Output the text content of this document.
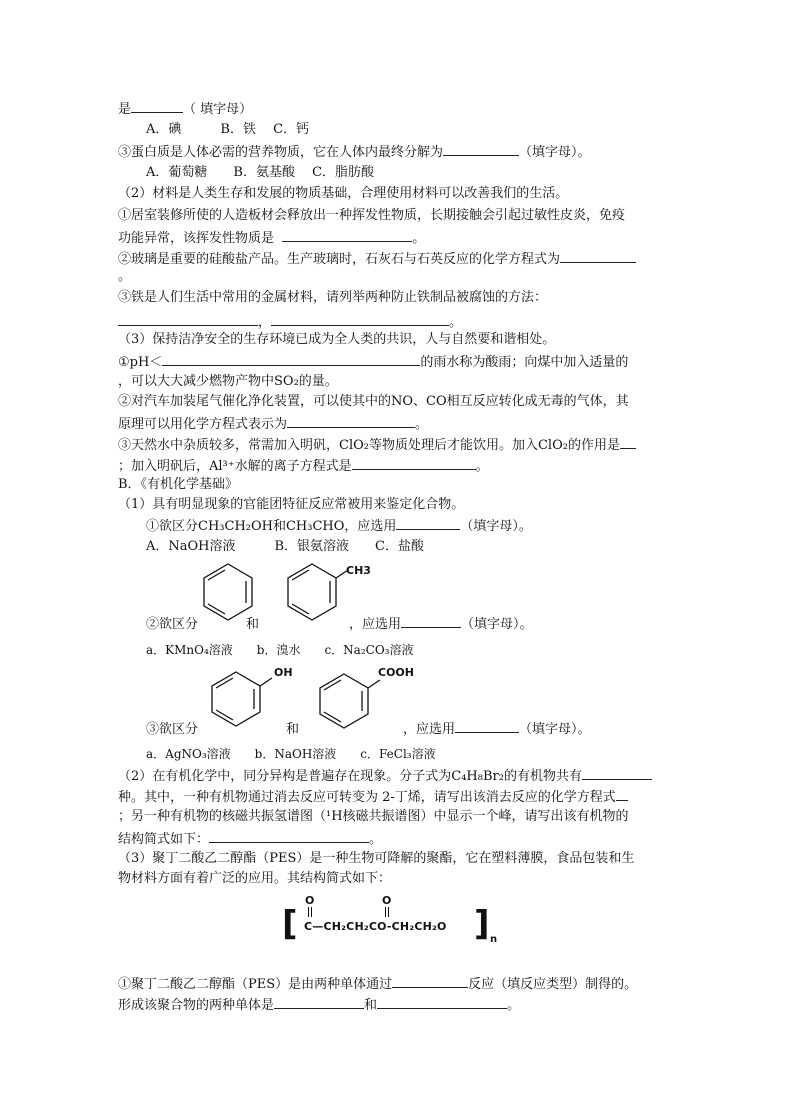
是	（ 填字母）
A．碘　　　B．铁　 C．钙
③蛋白质是人体必需的营养物质，它在人体内最终分解为	（填字母）。
A．葡萄糖　　B．氨基酸　 C．脂肪酸
（2）材料是人类生存和发展的物质基础，合理使用材料可以改善我们的生活。
①居室装修所使的人造板材会释放出一种挥发性物质，长期接触会引起过敏性皮炎，免疫
功能异常，该挥发性物质是	。
②玻璃是重要的硅酸盐产品。生产玻璃时，石灰石与石英反应的化学方程式为
。
③铁是人们生活中常用的金属材料，请列举两种防止铁制品被腐蚀的方法：
，	。
（3）保持洁净安全的生存环境已成为全人类的共识，人与自然要和谐相处。
①pH＜	的雨水称为酸雨；向煤中加入适量的
，可以大大减少燃物产物中SO₂的量。
②对汽车加装尾气催化净化装置，可以使其中的NO、CO相互反应转化成无毒的气体，其
原理可以用化学方程式表示为	。
③天然水中杂质较多，常需加入明矾，ClO₂等物质处理后才能饮用。加入ClO₂的作用是
；加入明矾后，Al³⁺水解的离子方程式是	。
B．《有机化学基础》
（1）具有明显现象的官能团特征反应常被用来鉴定化合物。
①欲区分CH₃CH₂OH和CH₃CHO，应选用	（填字母）。
A．NaOH溶液　　　B．银氨溶液　　C．盐酸
CH3
②欲区分	和	，应选用	（填字母）。
a．KMnO₄溶液　　b．溴水　　c．Na₂CO₃溶液
OH	COOH
③欲区分	和	，应选用	（填字母）。
a．AgNO₃溶液　　b．NaOH溶液　　c．FeCl₃溶液
（2）在有机化学中，同分异构是普遍存在现象。分子式为C₄H₈Br₂的有机物共有
种。其中，一种有机物通过消去反应可转变为 2-丁烯，请写出该消去反应的化学方程式
；另一种有机物的核磁共振氢谱图（¹H核磁共振谱图）中显示一个峰，请写出该有机物的
结构简式如下：	。
（3）聚丁二酸乙二醇酯（PES）是一种生物可降解的聚酯，它在塑料薄膜，食品包装和生
物材料方面有着广泛的应用。其结构简式如下：
[
O	O
C—CH₂CH₂CO-CH₂CH₂O ] n
①聚丁二酸乙二醇酯（PES）是由两种单体通过	反应（填反应类型）制得的。
形成该聚合物的两种单体是	和	。
